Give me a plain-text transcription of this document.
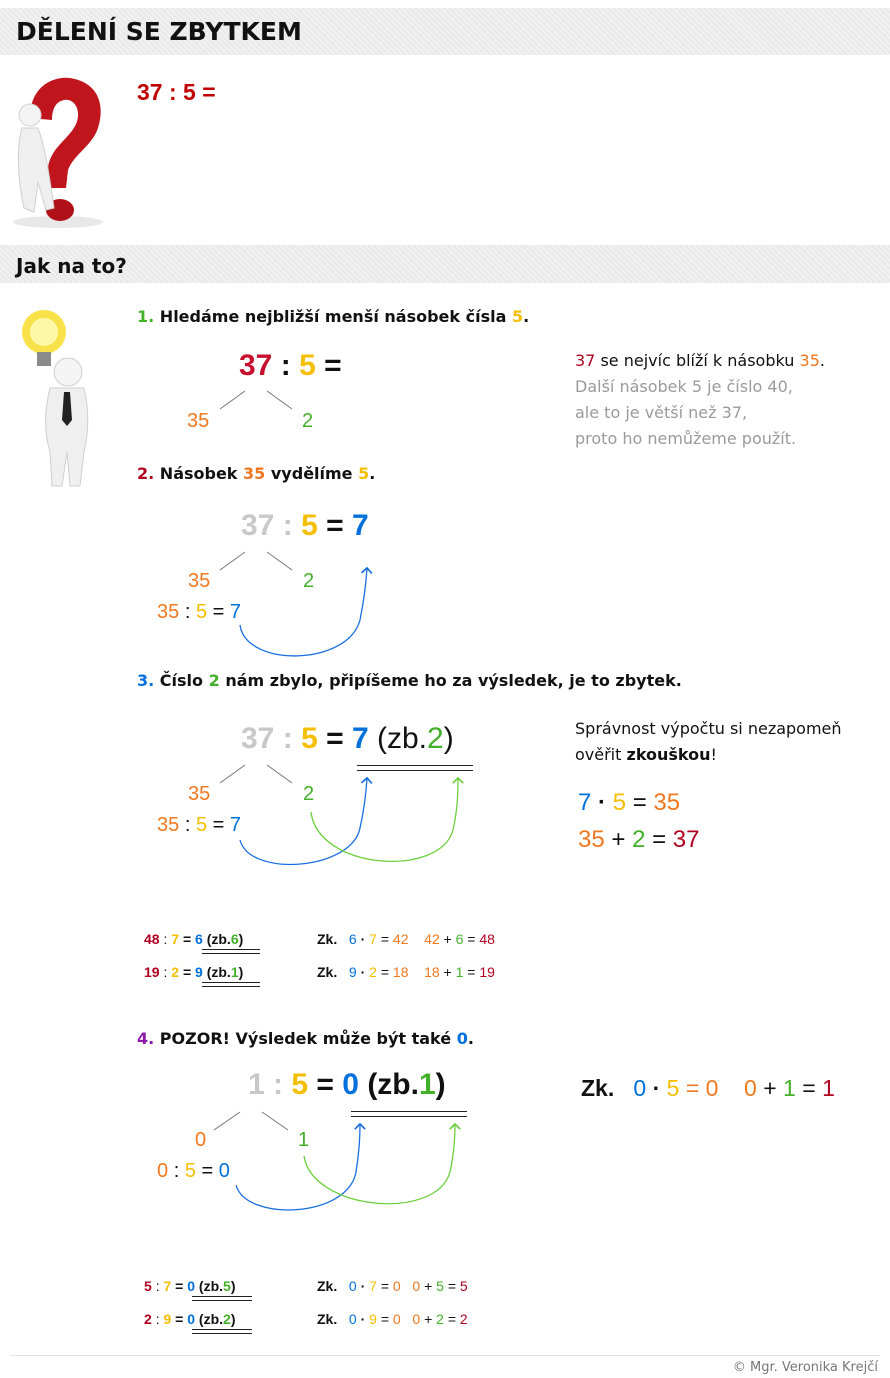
DĚLENÍ SE ZBYTKEM
37 : 5 =
Jak na to?
1. Hledáme nejbližší menší násobek čísla 5.
37 : 5 =
35	2
37 se nejvíc blíží k násobku 35.
Další násobek 5 je číslo 40,
ale to je větší než 37,
proto ho nemůžeme použít.
2. Násobek 35 vydělíme 5.
37 : 5 = 7
35	2
35 : 5 = 7
3. Číslo 2 nám zbylo, připíšeme ho za výsledek, je to zbytek.
37 : 5 = 7 (zb.2)
35	2
35 : 5 = 7
Správnost výpočtu si nezapomeň
ověřit zkouškou!
7 · 5 = 35
35 + 2 = 37
48 : 7 = 6 (zb.6)	Zk. 6 · 7 = 42 42 + 6 = 48
19 : 2 = 9 (zb.1)	Zk. 9 · 2 = 18 18 + 1 = 19
4. POZOR! Výsledek může být také 0.
1 : 5 = 0 (zb.1)
0	1
0 : 5 = 0
Zk. 0 · 5 = 0 0 + 1 = 1
5 : 7 = 0 (zb.5)	Zk. 0 · 7 = 0 0 + 5 = 5
2 : 9 = 0 (zb.2)	Zk. 0 · 9 = 0 0 + 2 = 2
© Mgr. Veronika Krejčí
